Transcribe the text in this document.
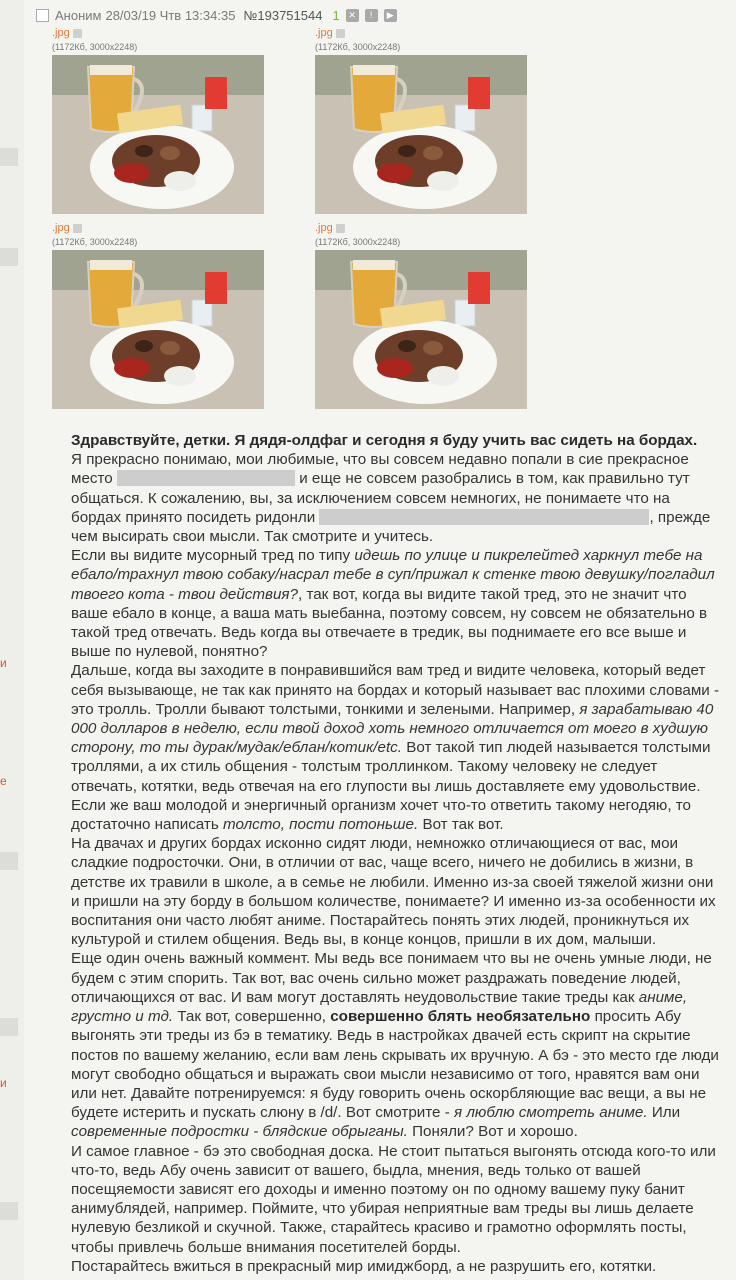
и
е
и
Аноним 28/03/19 Чтв 13:34:35 №193751544 1 ✕	!	▶
.jpg
(1172Кб, 3000x2248)
.jpg
(1172Кб, 3000x2248)
.jpg
(1172Кб, 3000x2248)
.jpg
(1172Кб, 3000x2248)

Здравствуйте, детки. Я дядя-олдфаг и сегодня я буду учить вас сидеть на бордах.

Я прекрасно понимаю, мои любимые, что вы совсем недавно попали в сие прекрасное место	и еще не совсем разобрались в том, как правильно тут общаться. К сожалению, вы, за исключением совсем немногих, не понимаете что на бордах принято посидеть ридонли	, прежде чем высирать свои мысли. Так смотрите и учитесь.

Если вы видите мусорный тред по типу идешь по улице и пикрелейтед харкнул тебе на ебало/трахнул твою собаку/насрал тебе в суп/прижал к стенке твою девушку/погладил твоего кота - твои действия?, так вот, когда вы видите такой тред, это не значит что ваше ебало в конце, а ваша мать выебанна, поэтому совсем, ну совсем не обязательно в такой тред отвечать. Ведь когда вы отвечаете в тредик, вы поднимаете его все выше и выше по нулевой, понятно?

Дальше, когда вы заходите в понравившийся вам тред и видите человека, который ведет себя вызывающе, не так как принято на бордах и который называет вас плохими словами - это тролль. Тролли бывают толстыми, тонкими и зелеными. Например, я зарабатываю 40 000 долларов в неделю, если твой доход хоть немного отличается от моего в худшую сторону, то ты дурак/мудак/еблан/котик/etc. Вот такой тип людей называется толстыми троллями, а их стиль общения - толстым троллинком. Такому человеку не следует отвечать, котятки, ведь отвечая на его глупости вы лишь доставляете ему удовольствие. Если же ваш молодой и энергичный организм хочет что-то ответить такому негодяю, то достаточно написать толсто, пости потоньше. Вот так вот.

На двачах и других бордах исконно сидят люди, немножко отличающиеся от вас, мои сладкие подросточки. Они, в отличии от вас, чаще всего, ничего не добились в жизни, в детстве их травили в школе, а в семье не любили. Именно из-за своей тяжелой жизни они и пришли на эту борду в большом количестве, понимаете? И именно из-за особенности их воспитания они часто любят аниме. Постарайтесь понять этих людей, проникнуться их культурой и стилем общения. Ведь вы, в конце концов, пришли в их дом, малыши.

Еще один очень важный коммент. Мы ведь все понимаем что вы не очень умные люди, не будем с этим спорить. Так вот, вас очень сильно может раздражать поведение людей, отличающихся от вас. И вам могут доставлять неудовольствие такие треды как аниме, грустно и тд. Так вот, совершенно, совершенно блять необязательно просить Абу выгонять эти треды из бэ в тематику. Ведь в настройках двачей есть скрипт на скрытие постов по вашему желанию, если вам лень скрывать их вручную. А бэ - это место где люди могут свободно общаться и выражать свои мысли независимо от того, нравятся вам они или нет. Давайте потренируемся: я буду говорить очень оскорбляющие вас вещи, а вы не будете истерить и пускать слюну в /d/. Вот смотрите - я люблю смотреть аниме. Или современные подростки - блядские обрыганы. Поняли? Вот и хорошо.

И самое главное - бэ это свободная доска. Не стоит пытаться выгонять отсюда кого-то или что-то, ведь Абу очень зависит от вашего, быдла, мнения, ведь только от вашей посещяемости зависят его доходы и именно поэтому он по одному вашему пуку банит анимублядей, например. Поймите, что убирая неприятные вам треды вы лишь делаете нулевую безликой и скучной. Также, старайтесь красиво и грамотно оформлять посты, чтобы привлечь больше внимания посетителей борды.

Постарайтесь вжиться в прекрасный мир имиджборд, а не разрушить его, котятки.
